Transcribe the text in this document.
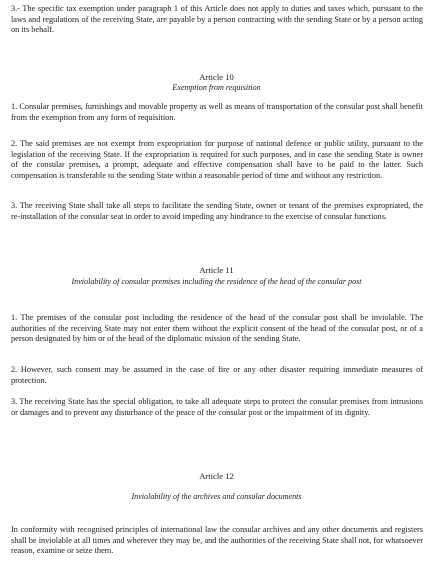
3.- The specific tax exemption under paragraph 1 of this Article does not apply to duties and taxes which, pursuant to the laws and regulations of the receiving State, are payable by a person contracting with the sending State or by a person acting on its behalf.

Article 10

Exemption from requisition

1. Consular premises, furnishings and movable property as well as means of transportation of the consular post shall benefit from the exemption from any form of requisition.

2. The said premises are not exempt from expropriation for purpose of national defence or public utility, pursuant to the legislation of the receiving State. If the expropriation is required for such purposes, and in case the sending State is owner of the consular premises, a prompt, adequate and effective compensation shall have to be paid to the latter. Such compensation is transferable to the sending State within a reasonable period of time and without any restriction.

3. The receiving State shall take all steps to facilitate the sending State, owner or tenant of the premises expropriated, the re-installation of the consular seat in order to avoid impeding any hindrance to the exercise of consular functions.

Article 11

Inviolability of consular premises including the residence of the head of the consular post

1. The premises of the consular post including the residence of the head of the consular post shall be inviolable. The authorities of the receiving State may not enter them without the explicit consent of the head of the consular post, or of a person designated by him or of the head of the diplomatic mission of the sending State.

2. However, such consent may be assumed in the case of fire or any other disaster requiring immediate measures of protection.

3. The receiving State has the special obligation, to take all adequate steps to protect the consular premises from intrusions or damages and to prevent any disturbance of the peace of the consular post or the impairment of its dignity.

Article 12

Inviolability of the archives and consular documents

In conformity with recognised principles of international law the consular archives and any other documents and registers shall be inviolable at all times and wherever they may be, and the authorities of the receiving State shall not, for whatsoever reason, examine or seize them.
